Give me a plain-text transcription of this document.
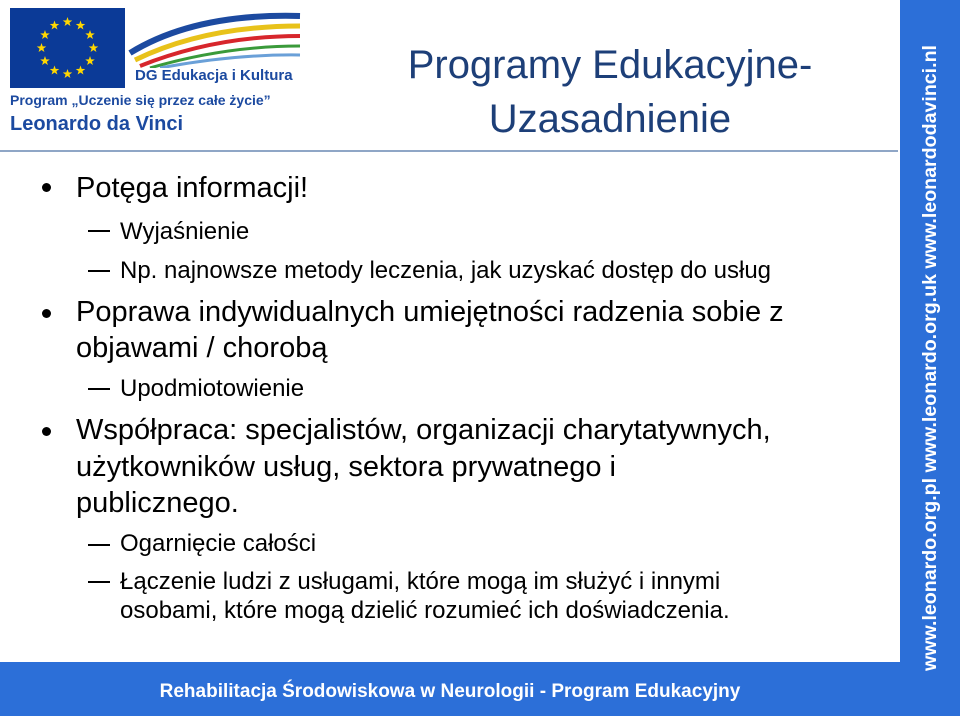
DG Edukacja i Kultura
Program „Uczenie się przez całe życie”
Leonardo da Vinci
Programy Edukacyjne-
Uzasadnienie
Potęga informacji!
Wyjaśnienie
Np. najnowsze metody leczenia, jak uzyskać dostęp do usług
Poprawa indywidualnych umiejętności radzenia sobie z
objawami / chorobą
Upodmiotowienie
Współpraca: specjalistów, organizacji charytatywnych,
użytkowników usług, sektora prywatnego i
publicznego.
Ogarnięcie całości
Łączenie ludzi z usługami, które mogą im służyć i innymi
osobami, które mogą dzielić rozumieć ich doświadczenia.	www.leonardo.org.pl www.leonardo.org.uk www.leonardodavinci.nl
Rehabilitacja Środowiskowa w Neurologii - Program Edukacyjny
